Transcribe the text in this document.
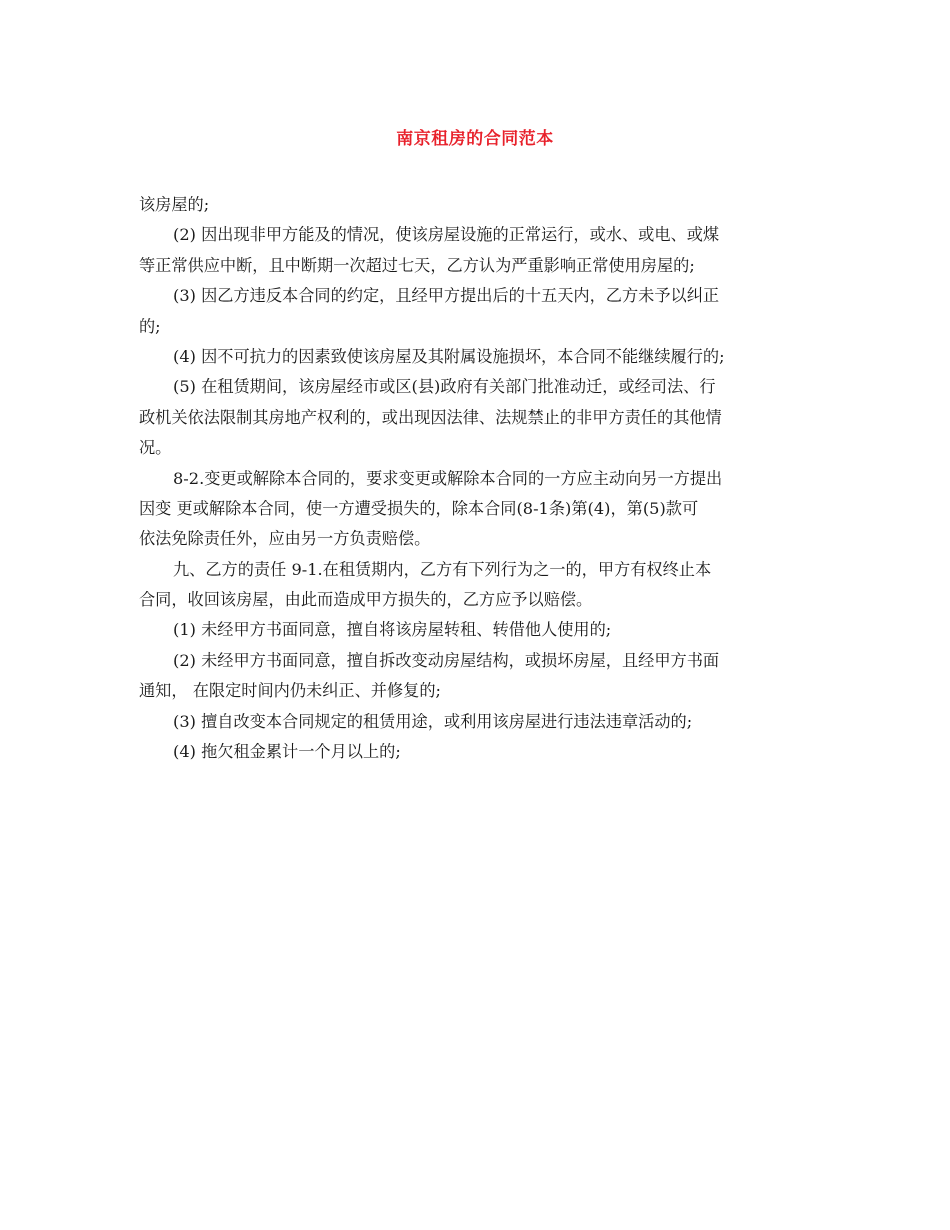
南京租房的合同范本
该房屋的;
(2) 因出现非甲方能及的情况，使该房屋设施的正常运行，或水、或电、或煤
等正常供应中断，且中断期一次超过七天，乙方认为严重影响正常使用房屋的;
(3) 因乙方违反本合同的约定，且经甲方提出后的十五天内，乙方未予以纠正
的;
(4) 因不可抗力的因素致使该房屋及其附属设施损坏，本合同不能继续履行的;
(5) 在租赁期间，该房屋经市或区(县)政府有关部门批准动迁，或经司法、行
政机关依法限制其房地产权利的，或出现因法律、法规禁止的非甲方责任的其他情
况。
8-2.变更或解除本合同的，要求变更或解除本合同的一方应主动向另一方提出
因变 更或解除本合同，使一方遭受损失的，除本合同(8-1条)第(4)，第(5)款可
依法免除责任外，应由另一方负责赔偿。
九、乙方的责任 9-1.在租赁期内，乙方有下列行为之一的，甲方有权终止本
合同，收回该房屋，由此而造成甲方损失的，乙方应予以赔偿。
(1) 未经甲方书面同意，擅自将该房屋转租、转借他人使用的;
(2) 未经甲方书面同意，擅自拆改变动房屋结构，或损坏房屋，且经甲方书面
通知， 在限定时间内仍未纠正、并修复的;
(3) 擅自改变本合同规定的租赁用途，或利用该房屋进行违法违章活动的;
(4) 拖欠租金累计一个月以上的;
